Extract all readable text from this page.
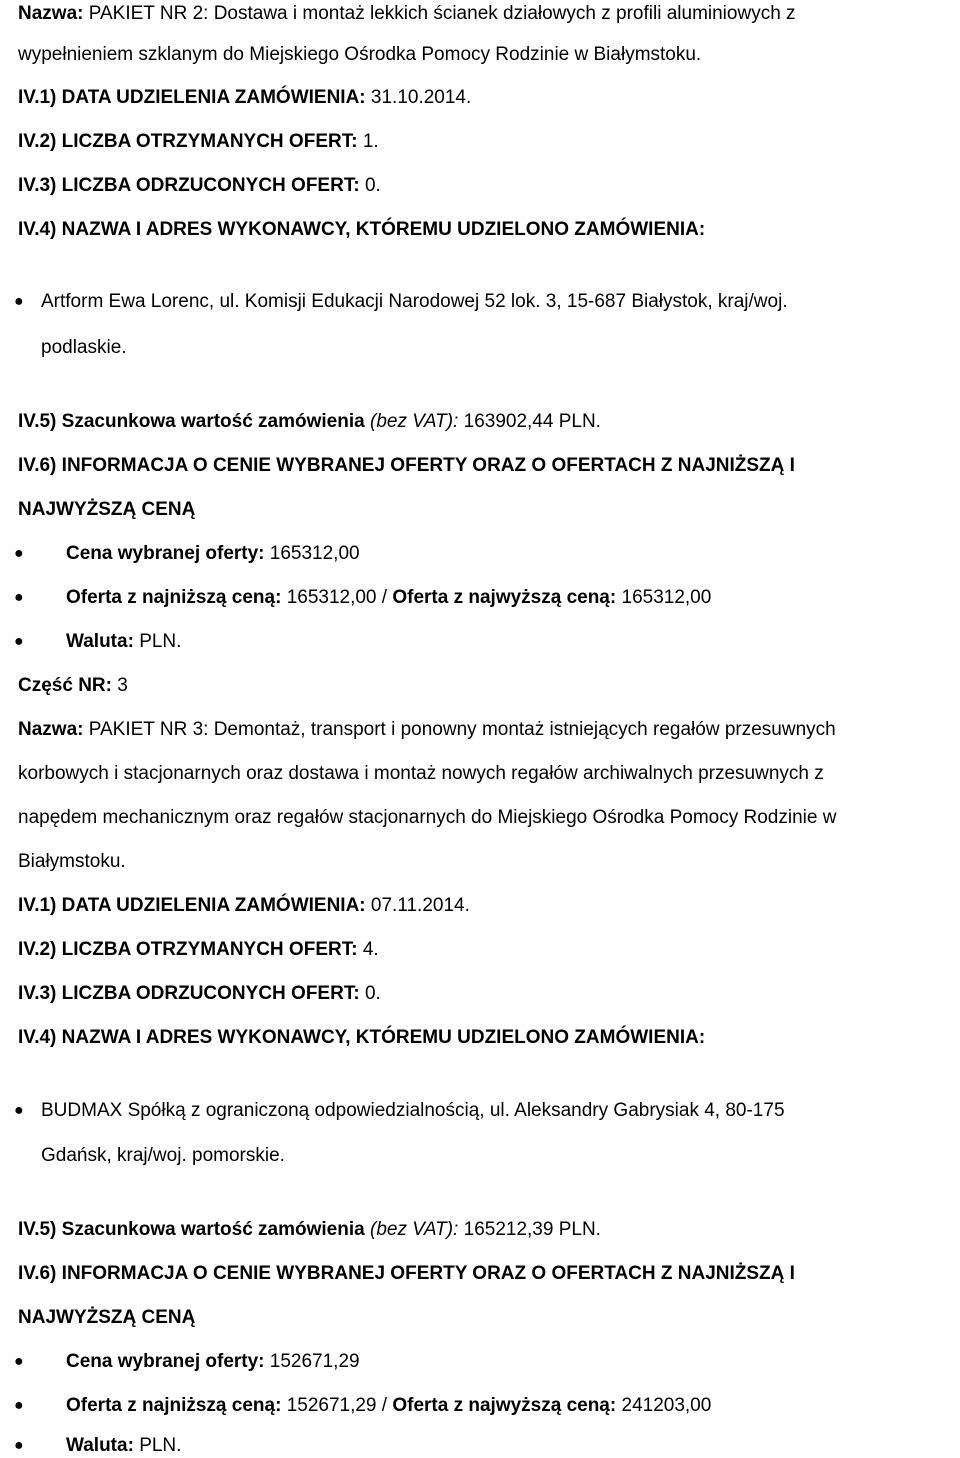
Nazwa: PAKIET NR 2: Dostawa i montaż lekkich ścianek działowych z profili aluminiowych z
wypełnieniem szklanym do Miejskiego Ośrodka Pomocy Rodzinie w Białymstoku.
IV.1) DATA UDZIELENIA ZAMÓWIENIA: 31.10.2014.
IV.2) LICZBA OTRZYMANYCH OFERT: 1.
IV.3) LICZBA ODRZUCONYCH OFERT: 0.
IV.4) NAZWA I ADRES WYKONAWCY, KTÓREMU UDZIELONO ZAMÓWIENIA:
● Artform Ewa Lorenc, ul. Komisji Edukacji Narodowej 52 lok. 3, 15-687 Białystok, kraj/woj.
podlaskie.
IV.5) Szacunkowa wartość zamówienia (bez VAT): 163902,44 PLN.
IV.6) INFORMACJA O CENIE WYBRANEJ OFERTY ORAZ O OFERTACH Z NAJNIŻSZĄ I
NAJWYŻSZĄ CENĄ
● Cena wybranej oferty: 165312,00
● Oferta z najniższą ceną: 165312,00 / Oferta z najwyższą ceną: 165312,00
● Waluta: PLN.
Część NR: 3
Nazwa: PAKIET NR 3: Demontaż, transport i ponowny montaż istniejących regałów przesuwnych
korbowych i stacjonarnych oraz dostawa i montaż nowych regałów archiwalnych przesuwnych z
napędem mechanicznym oraz regałów stacjonarnych do Miejskiego Ośrodka Pomocy Rodzinie w
Białymstoku.
IV.1) DATA UDZIELENIA ZAMÓWIENIA: 07.11.2014.
IV.2) LICZBA OTRZYMANYCH OFERT: 4.
IV.3) LICZBA ODRZUCONYCH OFERT: 0.
IV.4) NAZWA I ADRES WYKONAWCY, KTÓREMU UDZIELONO ZAMÓWIENIA:
● BUDMAX Spółką z ograniczoną odpowiedzialnością, ul. Aleksandry Gabrysiak 4, 80-175
Gdańsk, kraj/woj. pomorskie.
IV.5) Szacunkowa wartość zamówienia (bez VAT): 165212,39 PLN.
IV.6) INFORMACJA O CENIE WYBRANEJ OFERTY ORAZ O OFERTACH Z NAJNIŻSZĄ I
NAJWYŻSZĄ CENĄ
● Cena wybranej oferty: 152671,29
● Oferta z najniższą ceną: 152671,29 / Oferta z najwyższą ceną: 241203,00
● Waluta: PLN.
